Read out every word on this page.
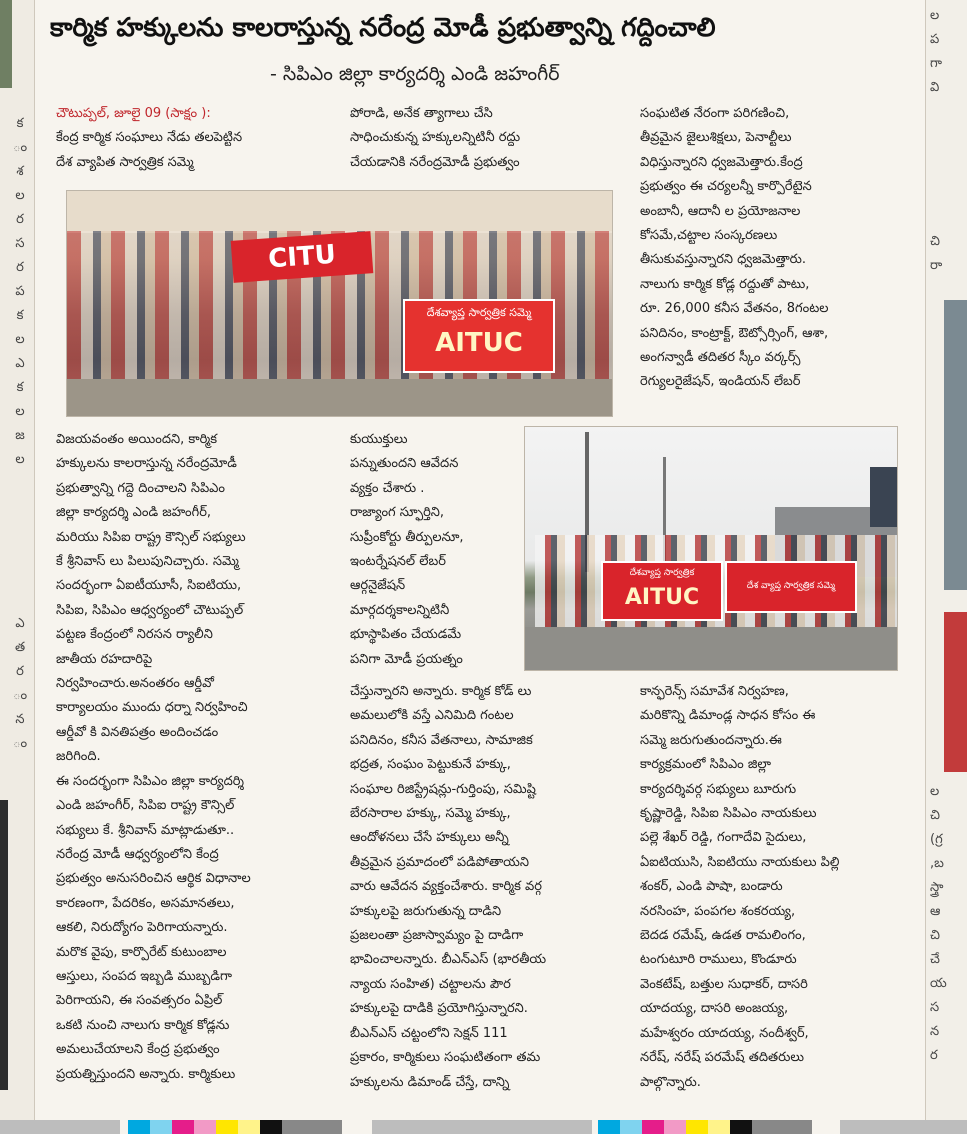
క
ం
శ
ల
ర
స
ర
ప
క
ల
ఎ
క
ల
జ
ల
ఎ
త
ర
ం
న
ం
ల
ప
గా
వి
చి
రా
ల
చి
(గ్ర
,బ
స్త్రా
ఆ
చి
చే
య
స
న
ర
కార్మిక హక్కులను కాలరాస్తున్న నరేంద్ర మోడీ ప్రభుత్వాన్ని గద్దించాలి
- సిపిఎం జిల్లా కార్యదర్శి ఎండి జహంగీర్
చౌటుప్పల్, జూలై 09 (సాక్షం ):
కేంద్ర కార్మిక సంఘాలు నేడు తలపెట్టిన
దేశ వ్యాపిత సార్వత్రిక సమ్మె
పోరాడి, అనేక త్యాగాలు చేసి
సాధించుకున్న హక్కులన్నిటినీ రద్దు
చేయడానికి నరేంద్రమోడీ ప్రభుత్వం
సంఘటిత నేరంగా పరిగణించి,
తీవ్రమైన జైలుశిక్షలు, పెనాల్టీలు
విధిస్తున్నారని ధ్వజమెత్తారు.కేంద్ర
ప్రభుత్వం ఈ చర్యలన్నీ కార్పొరేటైన
అంబానీ, ఆదానీ ల ప్రయోజనాల
కోసమే,చట్టాల సంస్కరణలు
తీసుకువస్తున్నారని ధ్వజమెత్తారు.
నాలుగు కార్మిక కోడ్ల రద్దుతో పాటు,
రూ. 26,000 కనీస వేతనం, 8గంటల
పనిదినం, కాంట్రాక్ట్, ఔట్సోర్సింగ్, ఆశా,
అంగన్వాడీ తదితర స్కీం వర్కర్స్
రెగ్యులరైజేషన్, ఇండియన్ లేబర్
CITU
దేశవ్యాప్త సార్వత్రిక సమ్మె
AITUC
విజయవంతం అయిందని, కార్మిక
హక్కులను కాలరాస్తున్న నరేంద్రమోడీ
ప్రభుత్వాన్ని గద్దె దించాలని సిపిఎం
జిల్లా కార్యదర్శి ఎండి జహంగీర్,
మరియు సిపిఐ రాష్ట్ర కౌన్సిల్ సభ్యులు
కే శ్రీనివాస్ లు పిలుపునిచ్చారు. సమ్మె
సందర్భంగా ఏఐటీయూసీ, సిఐటియు,
సిపిఐ, సిపిఎం ఆధ్వర్యంలో చౌటుప్పల్
పట్టణ కేంద్రంలో నిరసన ర్యాలీని
జాతీయ రహదారిపై
నిర్వహించారు.అనంతరం ఆర్డీవో
కార్యాలయం ముందు ధర్నా నిర్వహించి
ఆర్డీవో కి వినతిపత్రం అందించడం
జరిగింది.
ఈ సందర్భంగా సిపిఎం జిల్లా కార్యదర్శి
ఎండి జహంగీర్, సిపిఐ రాష్ట్ర కౌన్సిల్
సభ్యులు కే. శ్రీనివాస్ మాట్లాడుతూ..
నరేంద్ర మోడీ ఆధ్వర్యంలోని కేంద్ర
ప్రభుత్వం అనుసరించిన ఆర్థిక విధానాల
కారణంగా, పేదరికం, అసమానతలు,
ఆకలి, నిరుద్యోగం పెరిగాయన్నారు.
మరొక వైపు, కార్పొరేట్ కుటుంబాల
ఆస్తులు, సంపద ఇబ్బడి ముబ్బడిగా
పెరిగాయని, ఈ సంవత్సరం ఏప్రిల్
ఒకటి నుంచి నాలుగు కార్మిక కోడ్లను
అమలుచేయాలని కేంద్ర ప్రభుత్వం
ప్రయత్నిస్తుందని అన్నారు. కార్మికులు
కుయుక్తులు
పన్నుతుందని ఆవేదన
వ్యక్తం చేశారు .
రాజ్యాంగ స్ఫూర్తిని,
సుప్రీంకోర్టు తీర్పులనూ,
ఇంటర్నేషనల్ లేబర్
ఆర్గనైజేషన్
మార్గదర్శకాలన్నిటినీ
భూస్థాపితం చేయడమే
పనిగా మోడీ ప్రయత్నం
దేశవ్యాప్త సార్వత్రిక
AITUC	దేశ వ్యాప్త సార్వత్రిక సమ్మె
చేస్తున్నారని అన్నారు. కార్మిక కోడ్ లు
అమలులోకి వస్తే ఎనిమిది గంటల
పనిదినం, కనీస వేతనాలు, సామాజిక
భద్రత, సంఘం పెట్టుకునే హక్కు,
సంఘాల రిజిస్ట్రేషన్లు-గుర్తింపు, సమిష్టి
బేరసారాల హక్కు, సమ్మె హక్కు,
ఆందోళనలు చేసే హక్కులు అన్నీ
తీవ్రమైన ప్రమాదంలో పడిపోతాయని
వారు ఆవేదన వ్యక్తంచేశారు. కార్మిక వర్గ
హక్కులపై జరుగుతున్న దాడిని
ప్రజలంతా ప్రజాస్వామ్యం పై దాడిగా
భావించాలన్నారు. బీఎన్ఎస్ (భారతీయ
న్యాయ సంహిత) చట్టాలను పౌర
హక్కులపై దాడికి ప్రయోగిస్తున్నారని.
బీఎన్ఎస్ చట్టంలోని సెక్షన్ 111
ప్రకారం, కార్మికులు సంఘటితంగా తమ
హక్కులను డిమాండ్ చేస్తే, దాన్ని
కాన్ఫరెన్స్ సమావేశ నిర్వహణ,
మరికొన్ని డిమాండ్ల సాధన కోసం ఈ
సమ్మె జరుగుతుందన్నారు.ఈ
కార్యక్రమంలో సిపిఎం జిల్లా
కార్యదర్శివర్గ సభ్యులు బూరుగు
కృష్ణారెడ్డి, సిపిఐ సిపిఎం నాయకులు
పల్లె శేఖర్ రెడ్డి, గంగాదేవి సైదులు,
ఏఐటియుసి, సిఐటియు నాయకులు పిల్లి
శంకర్, ఎండి పాషా, బండారు
నరసింహ, పంపగల శంకరయ్య,
బెదడ రమేష్, ఉడత రామలింగం,
టంగుటూరి రాములు, కొండూరు
వెంకటేష్, బత్తుల సుధాకర్, దాసరి
యాదయ్య, దాసరి అంజయ్య,
మహేశ్వరం యాదయ్య, నందీశ్వర్,
నరేష్, నరేష్ పరమేష్ తదితరులు
పాల్గొన్నారు.
